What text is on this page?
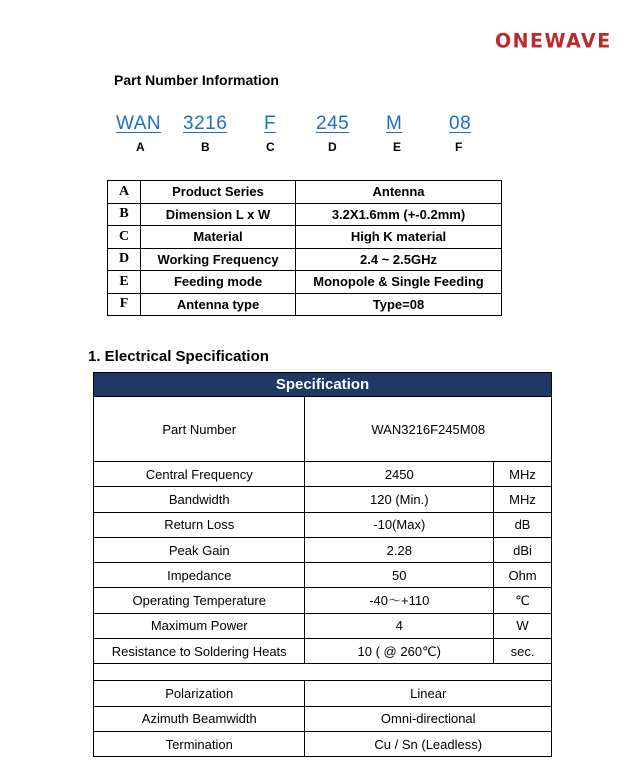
ONEWAVE
Part Number Information
WAN 3216 F 245 M 08
A	B	C	D	E	F
A	Product Series	Antenna
B	Dimension L x W	3.2X1.6mm (+-0.2mm)
C	Material	High K material
D	Working Frequency	2.4 ~ 2.5GHz
E	Feeding mode	Monopole & Single Feeding
F	Antenna type	Type=08
1. Electrical Specification
Specification		
Part Number	WAN3216F245M08	
Central Frequency	2450	MHz
Bandwidth	120 (Min.)	MHz
Return Loss	-10(Max)	dB
Peak Gain	2.28	dBi
Impedance	50	Ohm
Operating Temperature	-40～+110	℃
Maximum Power	4	W
Resistance to Soldering Heats	10 ( @ 260℃)	sec.

Polarization	Linear	
Azimuth Beamwidth	Omni-directional	
Termination	Cu / Sn (Leadless)	
